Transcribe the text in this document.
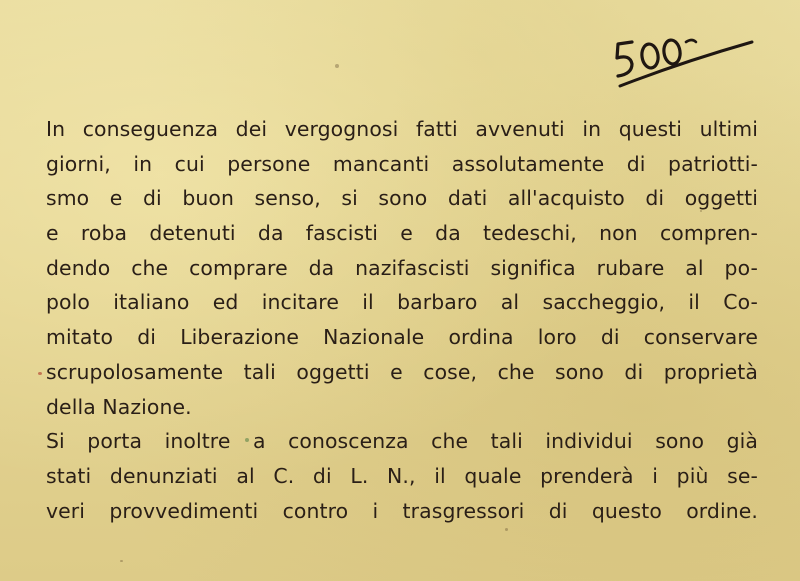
In conseguenza dei vergognosi fatti avvenuti in questi ultimi
giorni, in cui persone mancanti assolutamente di patriotti-
smo e di buon senso, si sono dati all'acquisto di oggetti
e roba detenuti da fascisti e da tedeschi, non compren-
dendo che comprare da nazifascisti significa rubare al po-
polo italiano ed incitare il barbaro al saccheggio, il Co-
mitato di Liberazione Nazionale ordina loro di conservare
scrupolosamente tali oggetti e cose, che sono di proprietà
della Nazione.
Si porta inoltre a conoscenza che tali individui sono già
stati denunziati al C. di L. N., il quale prenderà i più se-
veri provvedimenti contro i trasgressori di questo ordine.
